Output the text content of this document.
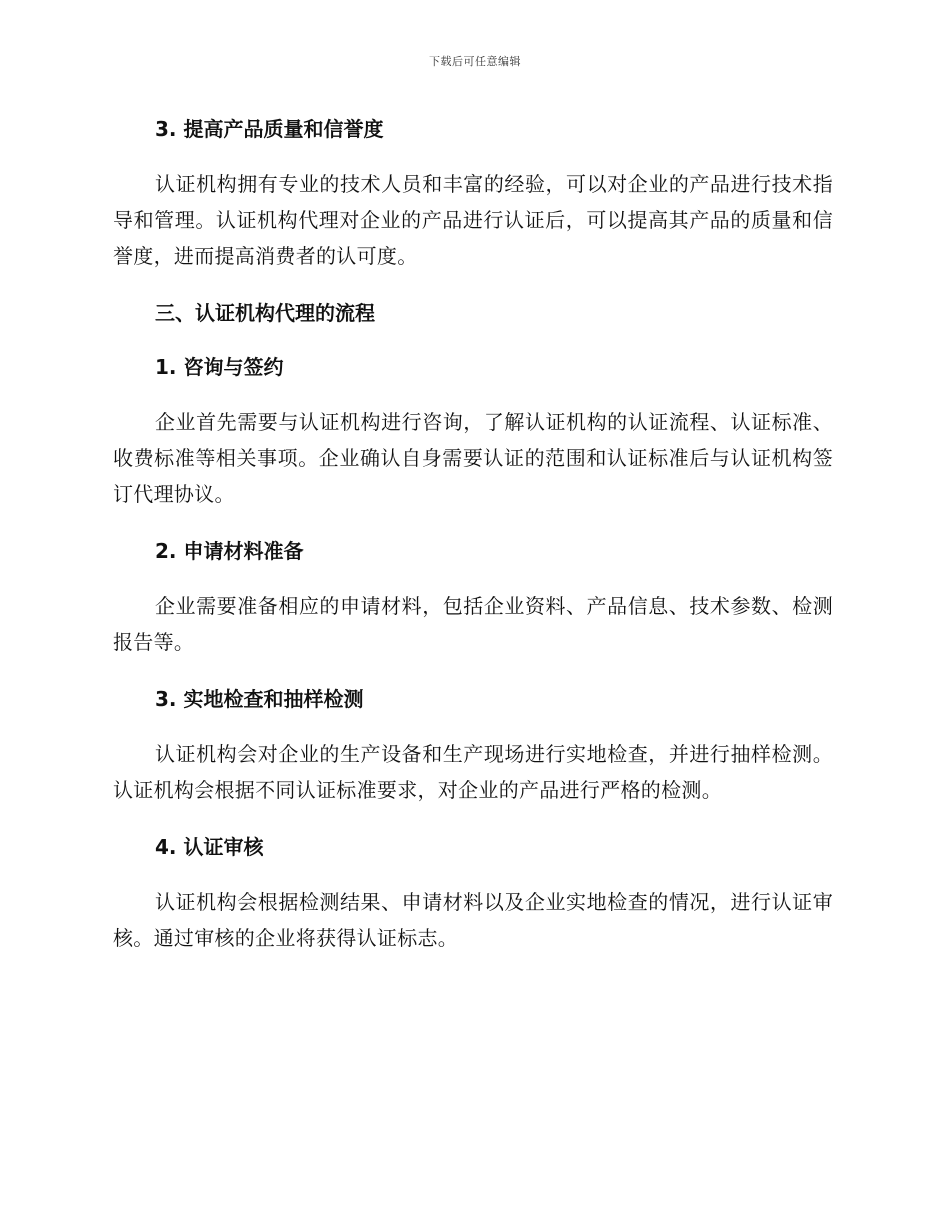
下载后可任意编辑
3. 提高产品质量和信誉度

认证机构拥有专业的技术人员和丰富的经验，可以对企业的产品进行技术指导和管理。认证机构代理对企业的产品进行认证后，可以提高其产品的质量和信誉度，进而提高消费者的认可度。

三、认证机构代理的流程
1. 咨询与签约

企业首先需要与认证机构进行咨询，了解认证机构的认证流程、认证标准、收费标准等相关事项。企业确认自身需要认证的范围和认证标准后与认证机构签订代理协议。

2. 申请材料准备

企业需要准备相应的申请材料，包括企业资料、产品信息、技术参数、检测报告等。

3. 实地检查和抽样检测

认证机构会对企业的生产设备和生产现场进行实地检查，并进行抽样检测。认证机构会根据不同认证标准要求，对企业的产品进行严格的检测。

4. 认证审核

认证机构会根据检测结果、申请材料以及企业实地检查的情况，进行认证审核。通过审核的企业将获得认证标志。
